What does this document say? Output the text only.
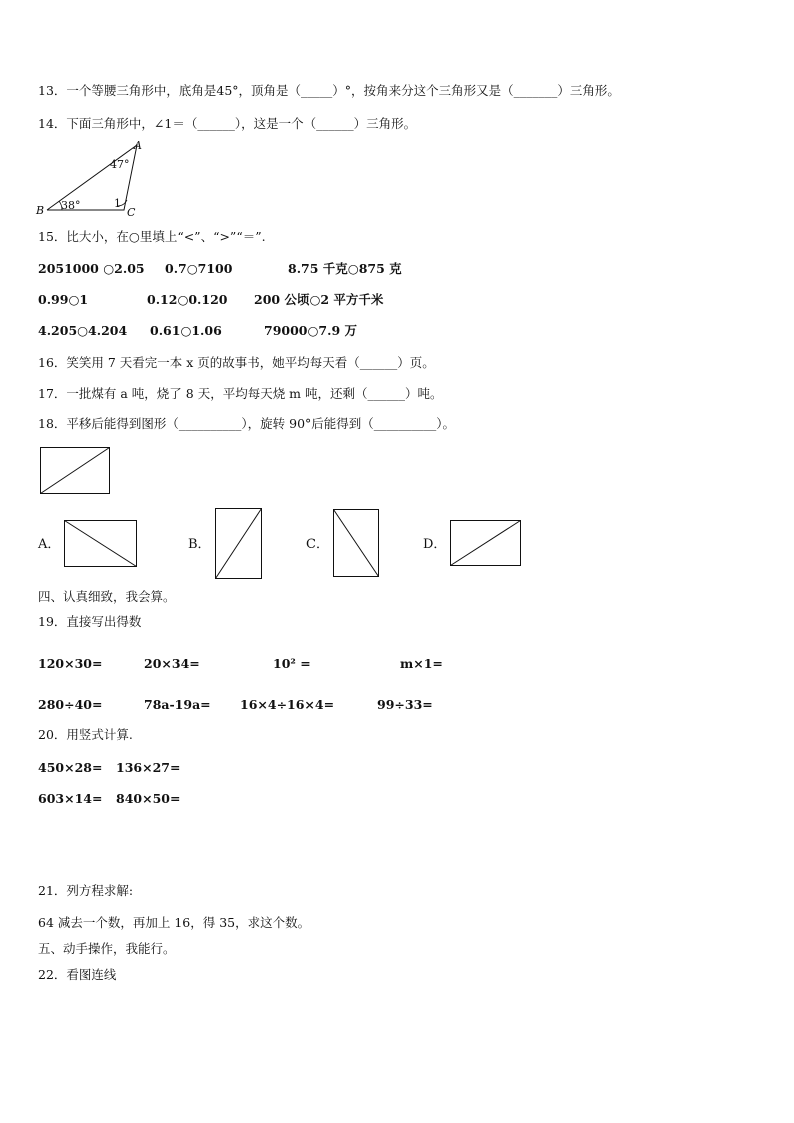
13．一个等腰三角形中，底角是45°，顶角是（_____）°，按角来分这个三角形又是（_______）三角形。
14．下面三角形中，∠1＝（______），这是一个（______）三角形。
A
B	C
47°
38°	1
15．比大小，在○里填上“<”、“>”“＝”.
2051000 ○2.05 0.7○7100	8.75 千克○875 克
0.99○1	0.12○0.120 200 公顷○2 平方千米
4.205○4.204 0.61○1.06	79000○7.9 万
16．笑笑用 7 天看完一本 x 页的故事书，她平均每天看（______）页。
17．一批煤有 a 吨，烧了 8 天，平均每天烧 m 吨，还剩（______）吨。
18．平移后能得到图形（__________），旋转 90°后能得到（__________）。
A．	B．	C．	D．
四、认真细致，我会算。
19．直接写出得数
120×30=	20×34=	10² =	m×1=
280÷40=	78a-19a= 16×4÷16×4=	99÷33=
20．用竖式计算.
450×28= 136×27=
603×14= 840×50=
21．列方程求解:
64 减去一个数，再加上 16，得 35，求这个数。
五、动手操作，我能行。
22．看图连线
